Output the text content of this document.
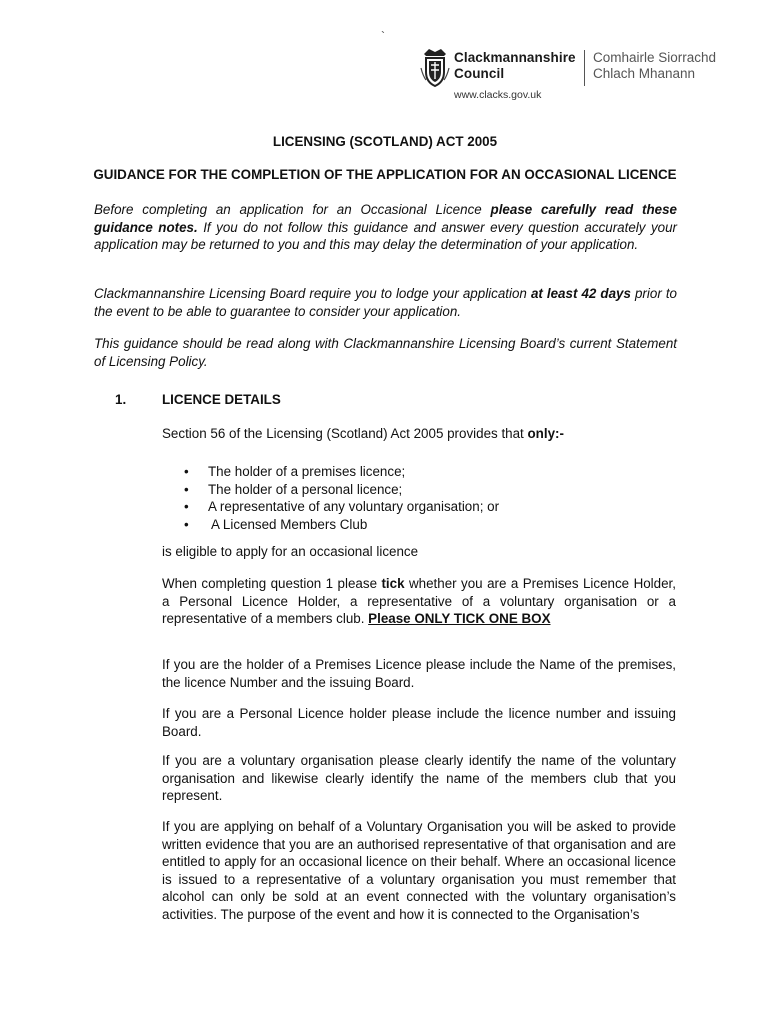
`
Clackmannanshire
Council
Comhairle Siorrachd
Chlach Mhanann
www.clacks.gov.uk
LICENSING (SCOTLAND) ACT 2005
GUIDANCE FOR THE COMPLETION OF THE APPLICATION FOR AN OCCASIONAL LICENCE

Before completing an application for an Occasional Licence please carefully read these guidance notes. If you do not follow this guidance and answer every question accurately your application may be returned to you and this may delay the determination of your application.

Clackmannanshire Licensing Board require you to lodge your application at least 42 days prior to the event to be able to guarantee to consider your application.

This guidance should be read along with Clackmannanshire Licensing Board’s current Statement of Licensing Policy.

1.	LICENCE DETAILS

Section 56 of the Licensing (Scotland) Act 2005 provides that only:-

• The holder of a premises licence;
• The holder of a personal licence;
• A representative of any voluntary organisation; or
• A Licensed Members Club

is eligible to apply for an occasional licence

When completing question 1 please tick whether you are a Premises Licence Holder, a Personal Licence Holder, a representative of a voluntary organisation or a representative of a members club. Please ONLY TICK ONE BOX

If you are the holder of a Premises Licence please include the Name of the premises, the licence Number and the issuing Board.

If you are a Personal Licence holder please include the licence number and issuing Board.

If you are a voluntary organisation please clearly identify the name of the voluntary organisation and likewise clearly identify the name of the members club that you represent.

If you are applying on behalf of a Voluntary Organisation you will be asked to provide written evidence that you are an authorised representative of that organisation and are entitled to apply for an occasional licence on their behalf. Where an occasional licence is issued to a representative of a voluntary organisation you must remember that alcohol can only be sold at an event connected with the voluntary organisation’s activities. The purpose of the event and how it is connected to the Organisation’s
